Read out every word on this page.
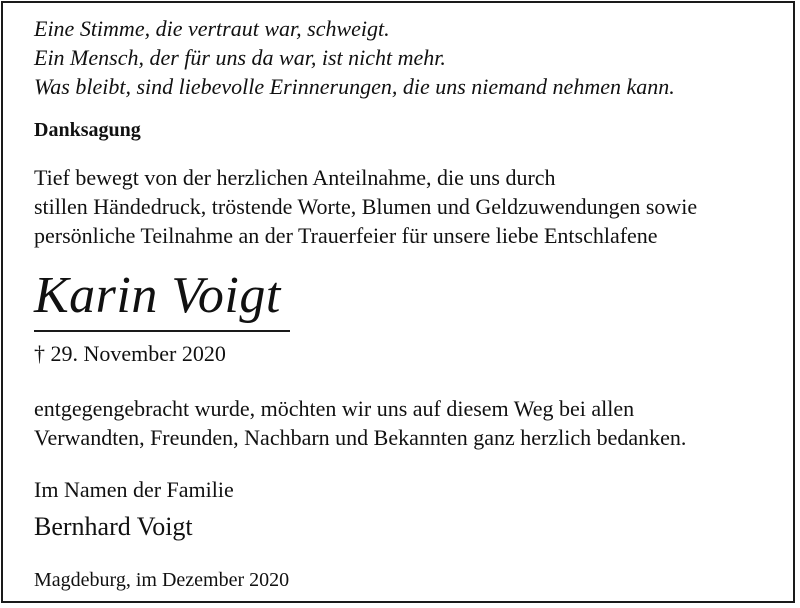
Eine Stimme, die vertraut war, schweigt.
Ein Mensch, der für uns da war, ist nicht mehr.
Was bleibt, sind liebevolle Erinnerungen, die uns niemand nehmen kann.
Danksagung
Tief bewegt von der herzlichen Anteilnahme, die uns durch
stillen Händedruck, tröstende Worte, Blumen und Geldzuwendungen sowie
persönliche Teilnahme an der Trauerfeier für unsere liebe Entschlafene
Karin Voigt
† 29. November 2020
entgegengebracht wurde, möchten wir uns auf diesem Weg bei allen
Verwandten, Freunden, Nachbarn und Bekannten ganz herzlich bedanken.
Im Namen der Familie
Bernhard Voigt
Magdeburg, im Dezember 2020
